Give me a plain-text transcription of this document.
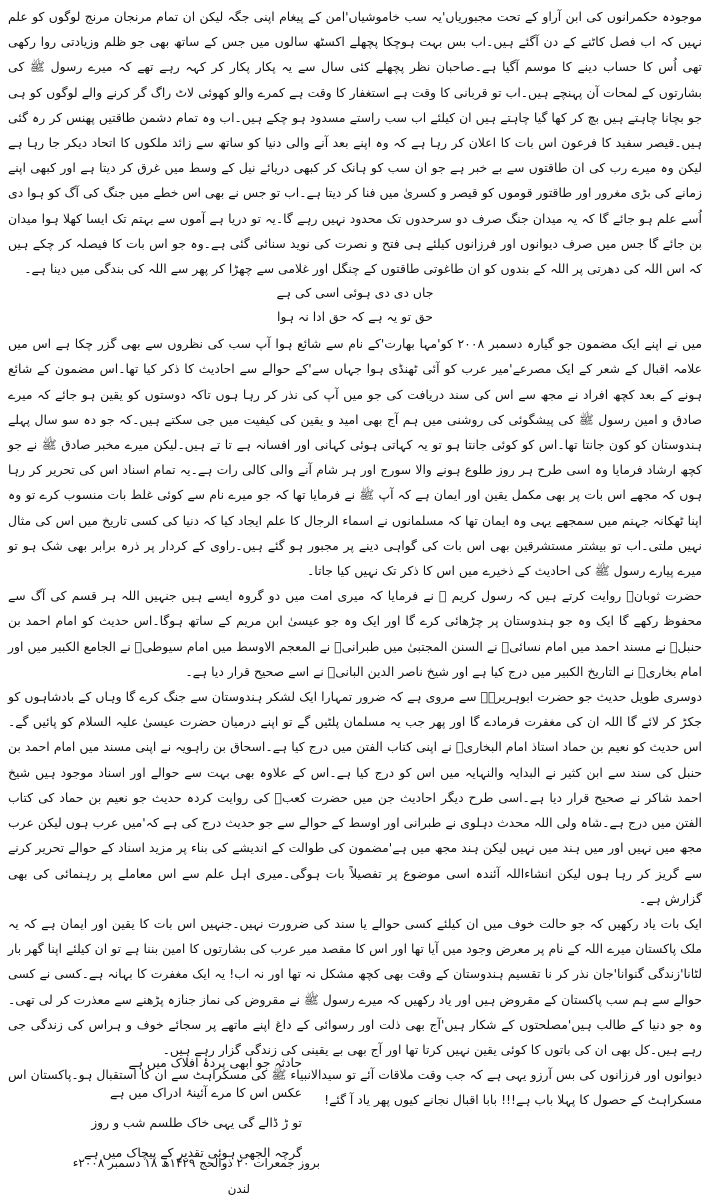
موجودہ حکمرانوں کی ابن آراو کے تحت مجبوریاں'یہ سب خاموشیاں'امن کے پیغام اپنی جگہ لیکن ان تمام مرنجان مرنج لوگوں کو علم نہیں کہ اب فصل کاٹنے کے دن آگئے ہیں۔اب بس بہت ہوچکا پچھلے اکسٹھ سالوں میں جس کے ساتھ بھی جو ظلم وزیادتی روا رکھی تھی اُس کا حساب دینے کا موسم آگیا ہے۔صاحبان نظر پچھلے کئی سال سے یہ پکار پکار کر کہہ رہے تھے کہ میرے رسول ﷺ کی بشارتوں کے لمحات آن پہنچے ہیں۔اب تو قربانی کا وقت ہے استغفار کا وقت ہے کمرے والو کھوئی لاٹ راگ گر کرنے والے لوگوں کو ہی جو بچانا چاہتے ہیں بچ کر کھا گیا چاہتے ہیں ان کیلئے اب سب راستے مسدود ہو چکے ہیں۔اب وہ تمام دشمن طاقتیں پھنس کر رہ گئی ہیں۔قیصر سفید کا فرعون اس بات کا اعلان کر رہا ہے کہ وہ اپنے بعد آنے والی دنیا کو ساتھ سے زائد ملکوں کا اتحاد دیکر جا رہا ہے لیکن وہ میرے رب کی ان طاقتوں سے بے خبر ہے جو ان سب کو ہانک کر کبھی دریائے نیل کے وسط میں غرق کر دیتا ہے اور کبھی اپنے زمانے کی بڑی مغرور اور طاقتور قوموں کو قیصر و کسریٰ میں فنا کر دیتا ہے۔اب تو جس نے بھی اس خطے میں جنگ کی آگ کو ہوا دی اُسے علم ہو جائے گا کہ یہ میدان جنگ صرف دو سرحدوں تک محدود نہیں رہے گا۔یہ تو دریا ہے آموں سے بہتم تک ایسا کھلا ہوا میدان بن جائے گا جس میں صرف دیوانوں اور فرزانوں کیلئے ہی فتح و نصرت کی نوید سنائی گئی ہے۔وہ جو اس بات کا فیصلہ کر چکے ہیں کہ اس اللہ کی دھرتی پر اللہ کے بندوں کو ان طاغوتی طاقتوں کے چنگل اور غلامی سے چھڑا کر پھر سے اللہ کی بندگی میں دینا ہے۔

جاں دی دی ہوئی اسی کی ہے
حق تو یہ ہے کہ حق ادا نہ ہوا

میں نے اپنے ایک مضمون جو گیارہ دسمبر ۲۰۰۸ کو'مہا بھارت'کے نام سے شائع ہوا آپ سب کی نظروں سے بھی گزر چکا ہے اس میں علامہ اقبال کے شعر کے ایک مصرعے'میر عرب کو آئی ٹھنڈی ہوا جہاں سے'کے حوالے سے احادیث کا ذکر کیا تھا۔اس مضمون کے شائع ہونے کے بعد کچھ افراد نے مجھ سے اس کی سند دریافت کی جو میں آپ کی نذر کر رہا ہوں تاکہ دوستوں کو یقین ہو جائے کہ میرے صادق و امین رسول ﷺ کی پیشگوئی کی روشنی میں ہم آج بھی امید و یقین کی کیفیت میں جی سکتے ہیں۔کہ جو دہ سو سال پہلے ہندوستان کو کون جانتا تھا۔اس کو کوئی جانتا ہو تو یہ کہاتی ہوئی کہانی اور افسانہ ہے تا تے ہیں۔لیکن میرے مخبر صادق ﷺ نے جو کچھ ارشاد فرمایا وہ اسی طرح ہر روز طلوع ہونے والا سورج اور ہر شام آنے والی کالی رات ہے۔یہ تمام اسناد اس کی تحریر کر رہا ہوں کہ مجھے اس بات پر بھی مکمل یقین اور ایمان ہے کہ آپ ﷺ نے فرمایا تھا کہ جو میرے نام سے کوئی غلط بات منسوب کرے تو وہ اپنا ٹھکانہ جہنم میں سمجھے یہی وہ ایمان تھا کہ مسلمانوں نے اسماء الرجال کا علم ایجاد کیا کہ دنیا کی کسی تاریخ میں اس کی مثال نہیں ملتی۔اب تو بیشتر مستشرقین بھی اس بات کی گواہی دینے پر مجبور ہو گئے ہیں۔راوی کے کردار پر ذرہ برابر بھی شک ہو تو میرے پیارے رسول ﷺ کی احادیث کے ذخیرے میں اس کا ذکر تک نہیں کیا جاتا۔

حضرت ثوبانؓ روایت کرتے ہیں کہ رسول کریم ﷺ نے فرمایا کہ میری امت میں دو گروہ ایسے ہیں جنہیں اللہ ہر قسم کی آگ سے محفوظ رکھے گا ایک وہ جو ہندوستان پر چڑھائی کرے گا اور ایک وہ جو عیسیٰ ابن مریم کے ساتھ ہوگا۔اس حدیث کو امام احمد بن حنبلؒ نے مسند احمد میں امام نسائیؒ نے السنن المجتبیٰ میں طبرانیؒ نے المعجم الاوسط میں امام سیوطیؒ نے الجامع الکبیر میں اور امام بخاریؒ نے التاریخ الکبیر میں درج کیا ہے اور شیخ ناصر الدین البانیؒ نے اسے صحیح قرار دیا ہے۔

دوسری طویل حدیث جو حضرت ابوہریرہؓ سے مروی ہے کہ ضرور تمہارا ایک لشکر ہندوستان سے جنگ کرے گا وہاں کے بادشاہوں کو جکڑ کر لائے گا اللہ ان کی مغفرت فرمادے گا اور پھر جب یہ مسلمان پلٹیں گے تو اپنے درمیان حضرت عیسیٰ علیہ السلام کو پائیں گے۔اس حدیث کو نعیم بن حماد استاذ امام البخاریؒ نے اپنی کتاب الفتن میں درج کیا ہے۔اسحاق بن راہویہ نے اپنی مسند میں امام احمد بن حنبل کی سند سے ابن کثیر نے البدایہ والنہایہ میں اس کو درج کیا ہے۔اس کے علاوہ بھی بہت سے حوالے اور اسناد موجود ہیں شیخ احمد شاکر نے صحیح قرار دیا ہے۔اسی طرح دیگر احادیث جن میں حضرت کعبؓ کی روایت کردہ حدیث جو نعیم بن حماد کی کتاب الفتن میں درج ہے۔شاہ ولی اللہ محدث دہلوی نے طبرانی اور اوسط کے حوالے سے جو حدیث درج کی ہے کہ'میں عرب ہوں لیکن عرب مجھ میں نہیں اور میں ہند میں نہیں لیکن ہند مجھ میں ہے'مضمون کی طوالت کے اندیشے کی بناء پر مزید اسناد کے حوالے تحریر کرنے سے گریز کر رہا ہوں لیکن انشاءاللہ آئندہ اسی موضوع پر تفصیلاً بات ہوگی۔میری اہل علم سے اس معاملے پر رہنمائی کی بھی گزارش ہے۔

ایک بات یاد رکھیں کہ جو حالت خوف میں ان کیلئے کسی حوالے یا سند کی ضرورت نہیں۔جنہیں اس بات کا یقین اور ایمان ہے کہ یہ ملک پاکستان میرے اللہ کے نام پر معرض وجود میں آیا تھا اور اس کا مقصد میر عرب کی بشارتوں کا امین بننا ہے تو ان کیلئے اپنا گھر بار لٹانا'زندگی گنوانا'جان نذر کر نا تقسیم ہندوستان کے وقت بھی کچھ مشکل نہ تھا اور نہ اب! یہ ایک مغفرت کا بہانہ ہے۔کسی نے کسی حوالے سے ہم سب پاکستان کے مقروض ہیں اور یاد رکھیں کہ میرے رسول ﷺ نے مقروض کی نماز جنازہ پڑھنے سے معذرت کر لی تھی۔وہ جو دنیا کے طالب ہیں'مصلحتوں کے شکار ہیں'آج بھی ذلت اور رسوائی کے داغ اپنے ماتھے پر سجائے خوف و ہراس کی زندگی جی رہے ہیں۔کل بھی ان کی باتوں کا کوئی یقین نہیں کرتا تھا اور آج بھی بے یقینی کی زندگی گزار رہے ہیں۔

دیوانوں اور فرزانوں کی بس آرزو یہی ہے کہ جب وقت ملاقات آئے تو سیدالانبیاء ﷺ کی مسکراہٹ سے ان کا استقبال ہو۔پاکستان اس مسکراہٹ کے حصول کا پہلا باب ہے!!! بابا اقبال نجانے کیوں پھر یاد آ گئے!

حادثہ جو ابھی پردۂ افلاک میں ہے
عکس اس کا مرے آئینۂ ادراک میں ہے
تو ڑ ڈالے گی یہی خاک طلسم شب و روز
گرچہ الجھی ہوئی تقدیر کے پیچاک میں ہے
بروز جمعرات ۲۰ ذوالحج ۱۴۲۹ھ ۱۸ دسمبر ۲۰۰۸ء
لندن
